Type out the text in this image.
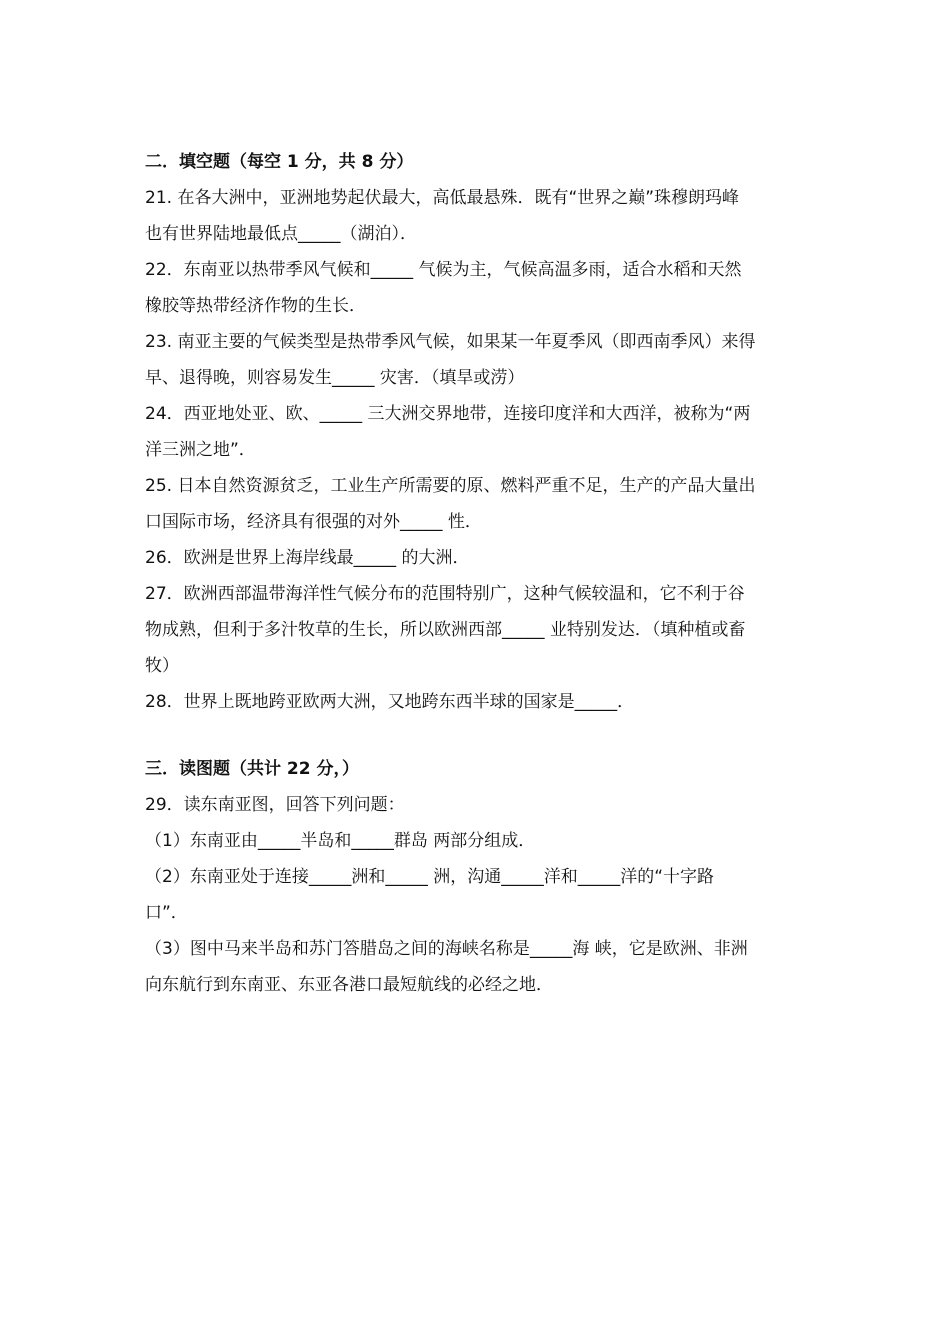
二．填空题（每空 1 分，共 8 分）
21. 在各大洲中，亚洲地势起伏最大，高低最悬殊．既有“世界之巅”珠穆朗玛峰
也有世界陆地最低点_____（湖泊）．
22．东南亚以热带季风气候和_____ 气候为主，气候高温多雨，适合水稻和天然
橡胶等热带经济作物的生长．
23. 南亚主要的气候类型是热带季风气候，如果某一年夏季风（即西南季风）来得
早、退得晚，则容易发生_____ 灾害．（填旱或涝）
24．西亚地处亚、欧、_____ 三大洲交界地带，连接印度洋和大西洋，被称为“两
洋三洲之地”．
25. 日本自然资源贫乏，工业生产所需要的原、燃料严重不足，生产的产品大量出
口国际市场，经济具有很强的对外_____ 性．
26．欧洲是世界上海岸线最_____ 的大洲．
27．欧洲西部温带海洋性气候分布的范围特别广，这种气候较温和，它不利于谷
物成熟，但利于多汁牧草的生长，所以欧洲西部_____ 业特别发达．（填种植或畜
牧）
28．世界上既地跨亚欧两大洲，又地跨东西半球的国家是_____．
三．读图题（共计 22 分，）
29．读东南亚图，回答下列问题：
（1）东南亚由_____半岛和_____群岛 两部分组成．
（2）东南亚处于连接_____洲和_____ 洲，沟通_____洋和_____洋的“十字路
口”．
（3）图中马来半岛和苏门答腊岛之间的海峡名称是_____海 峡，它是欧洲、非洲
向东航行到东南亚、东亚各港口最短航线的必经之地．
